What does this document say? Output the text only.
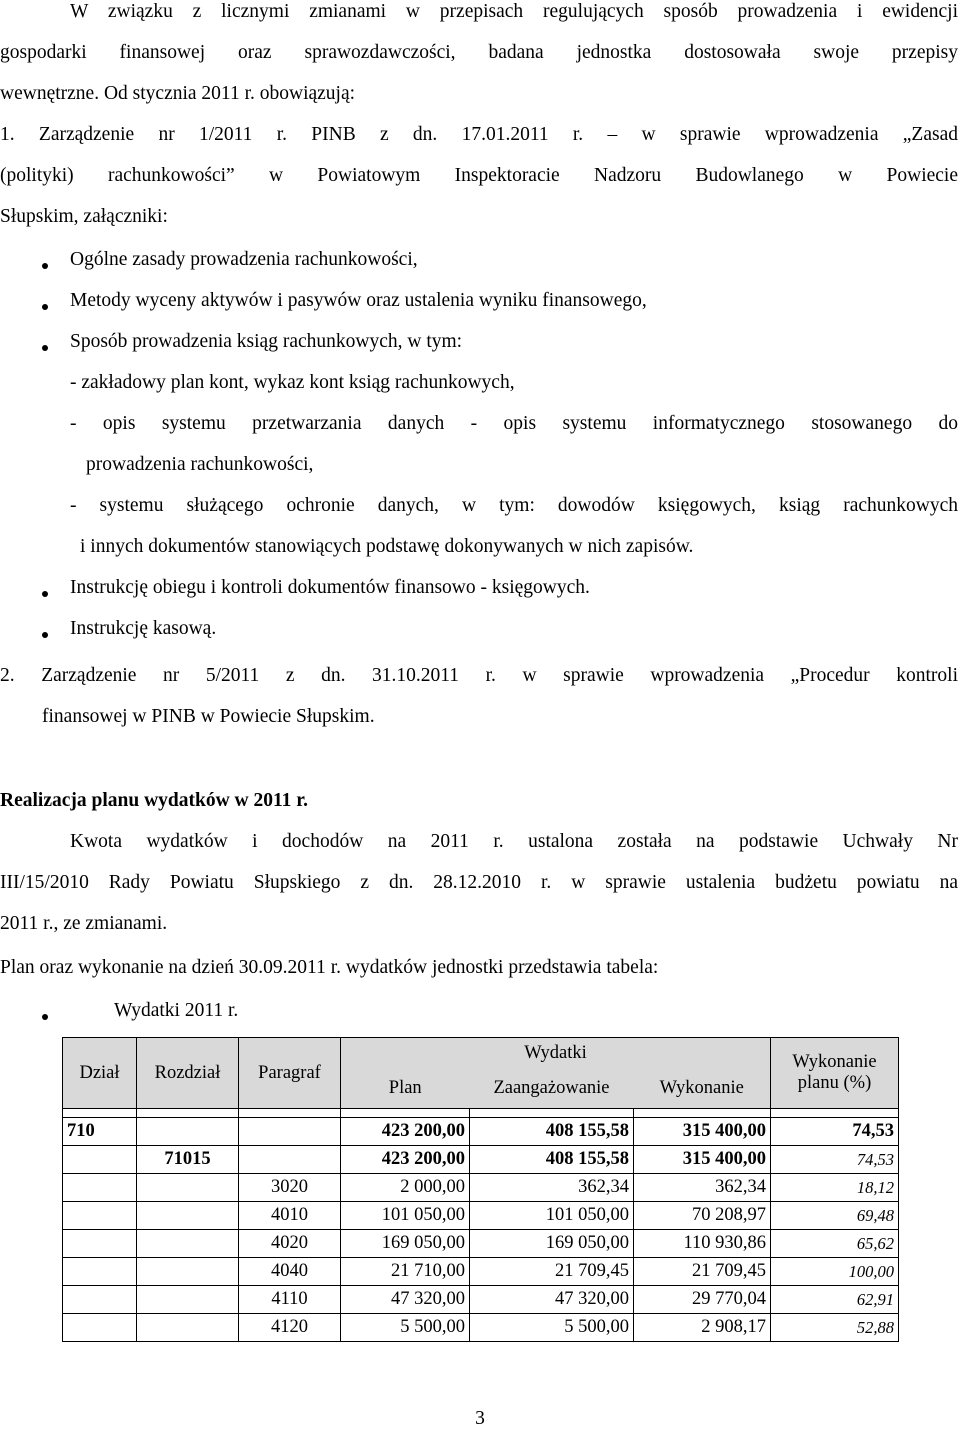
W związku z licznymi zmianami w przepisach regulujących sposób prowadzenia i ewidencji
gospodarki finansowej oraz sprawozdawczości, badana jednostka dostosowała swoje przepisy
wewnętrzne. Od stycznia 2011 r. obowiązują:
1. Zarządzenie nr 1/2011 r. PINB z dn. 17.01.2011 r. – w sprawie wprowadzenia „Zasad
(polityki) rachunkowości” w Powiatowym Inspektoracie Nadzoru Budowlanego w Powiecie
Słupskim, załączniki:
Ogólne zasady prowadzenia rachunkowości,
Metody wyceny aktywów i pasywów oraz ustalenia wyniku finansowego,
Sposób prowadzenia ksiąg rachunkowych, w tym:
- zakładowy plan kont, wykaz kont ksiąg rachunkowych,
- opis systemu przetwarzania danych - opis systemu informatycznego stosowanego do
prowadzenia rachunkowości,
- systemu służącego ochronie danych, w tym: dowodów księgowych, ksiąg rachunkowych
i innych dokumentów stanowiących podstawę dokonywanych w nich zapisów.
Instrukcję obiegu i kontroli dokumentów finansowo - księgowych.
Instrukcję kasową.
2. Zarządzenie nr 5/2011 z dn. 31.10.2011 r. w sprawie wprowadzenia „Procedur kontroli
finansowej w PINB w Powiecie Słupskim.
Realizacja planu wydatków w 2011 r.
Kwota wydatków i dochodów na 2011 r. ustalona została na podstawie Uchwały Nr
III/15/2010 Rady Powiatu Słupskiego z dn. 28.12.2010 r. w sprawie ustalenia budżetu powiatu na
2011 r., ze zmianami.
Plan oraz wykonanie na dzień 30.09.2011 r. wydatków jednostki przedstawia tabela:
Wydatki 2011 r.
Dział	Rozdział	Paragraf	Wydatki			Wykonanie
planu (%)

			Plan	Zaangażowanie	Wykonanie	

710			423 200,00	408 155,58	315 400,00	74,53
	71015		423 200,00	408 155,58	315 400,00	74,53
		3020	2 000,00	362,34	362,34	18,12
		4010	101 050,00	101 050,00	70 208,97	69,48
		4020	169 050,00	169 050,00	110 930,86	65,62
		4040	21 710,00	21 709,45	21 709,45	100,00
		4110	47 320,00	47 320,00	29 770,04	62,91
		4120	5 500,00	5 500,00	2 908,17	52,88
3
